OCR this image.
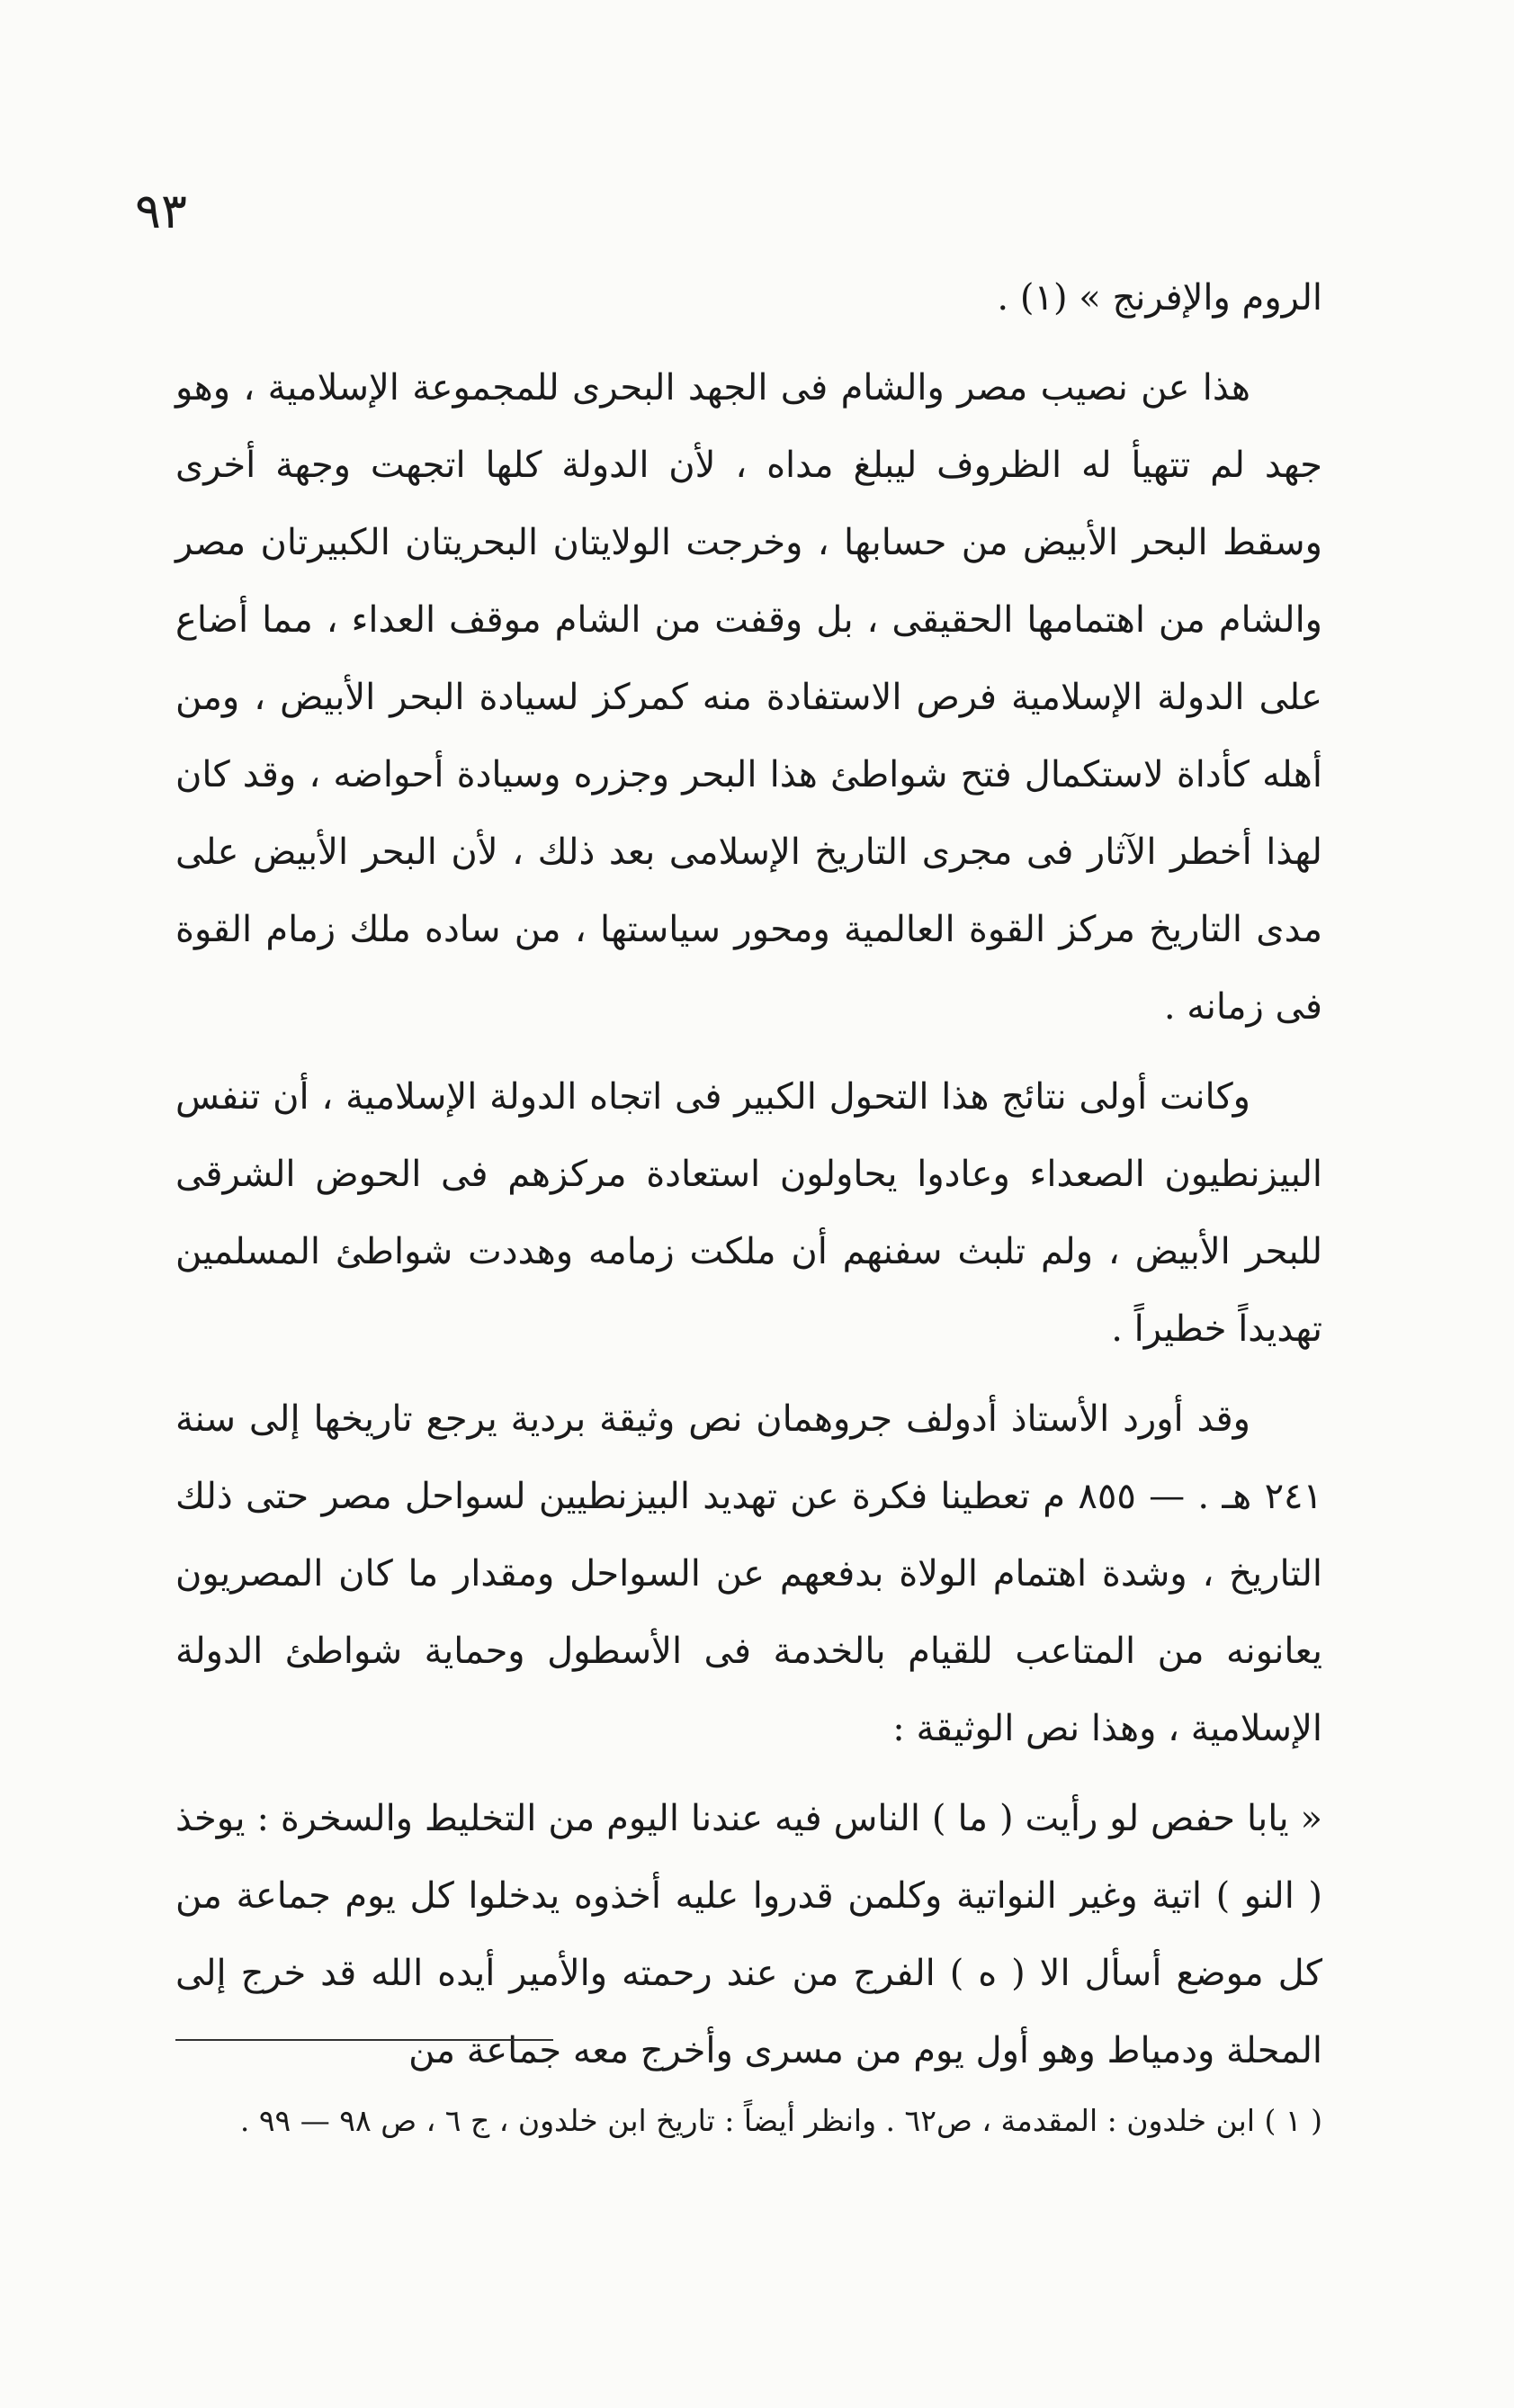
٩٣

الروم والإفرنج » (١) .

هذا عن نصيب مصر والشام فى الجهد البحرى للمجموعة الإسلامية ، وهو جهد لم تتهيأ له الظروف ليبلغ مداه ، لأن الدولة كلها اتجهت وجهة أخرى وسقط البحر الأبيض من حسابها ، وخرجت الولايتان البحريتان الكبيرتان مصر والشام من اهتمامها الحقيقى ، بل وقفت من الشام موقف العداء ، مما أضاع على الدولة الإسلامية فرص الاستفادة منه كمركز لسيادة البحر الأبيض ، ومن أهله كأداة لاستكمال فتح شواطئ هذا البحر وجزره وسيادة أحواضه ، وقد كان لهذا أخطر الآثار فى مجرى التاريخ الإسلامى بعد ذلك ، لأن البحر الأبيض على مدى التاريخ مركز القوة العالمية ومحور سياستها ، من ساده ملك زمام القوة فى زمانه .

وكانت أولى نتائج هذا التحول الكبير فى اتجاه الدولة الإسلامية ، أن تنفس البيزنطيون الصعداء وعادوا يحاولون استعادة مركزهم فى الحوض الشرقى للبحر الأبيض ، ولم تلبث سفنهم أن ملكت زمامه وهددت شواطئ المسلمين تهديداً خطيراً .

وقد أورد الأستاذ أدولف جروهمان نص وثيقة بردية يرجع تاريخها إلى سنة ٢٤١ هـ . — ٨٥٥ م تعطينا فكرة عن تهديد البيزنطيين لسواحل مصر حتى ذلك التاريخ ، وشدة اهتمام الولاة بدفعهم عن السواحل ومقدار ما كان المصريون يعانونه من المتاعب للقيام بالخدمة فى الأسطول وحماية شواطئ الدولة الإسلامية ، وهذا نص الوثيقة :

« يابا حفص لو رأيت ( ما ) الناس فيه عندنا اليوم من التخليط والسخرة : يوخذ ( النو ) اتية وغير النواتية وكلمن قدروا عليه أخذوه يدخلوا كل يوم جماعة من كل موضع أسأل الا ( ه ) الفرج من عند رحمته والأمير أيده الله قد خرج إلى المحلة ودمياط وهو أول يوم من مسرى وأخرج معه جماعة من

( ١ ) ابن خلدون : المقدمة ، ص٦٢ . وانظر أيضاً : تاريخ ابن خلدون ، ج ٦ ، ص ٩٨ — ٩٩ .
